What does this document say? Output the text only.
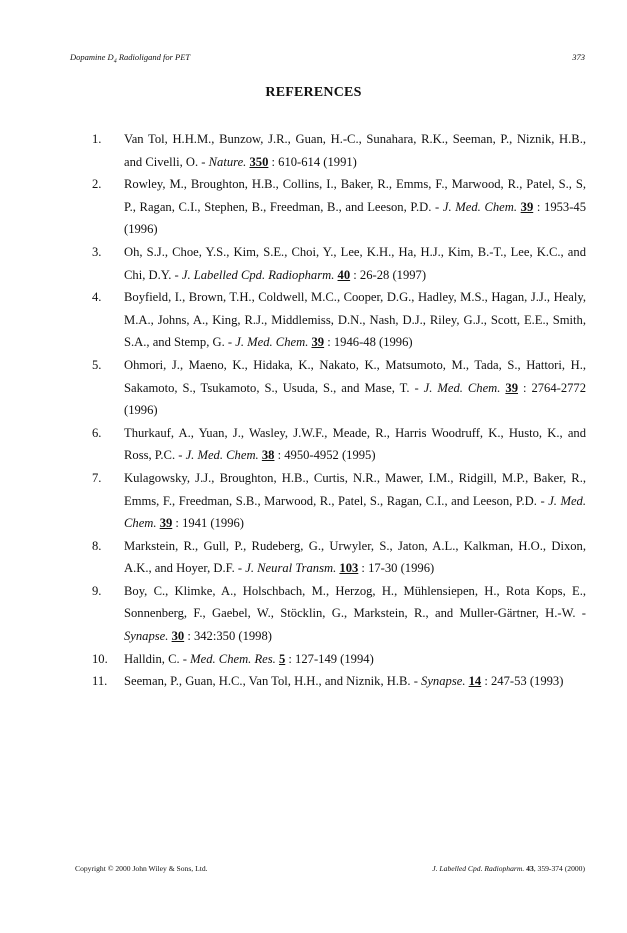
Dopamine $D_4$ Radioligand for PET	373
REFERENCES
1.	Van Tol, H.H.M., Bunzow, J.R., Guan, H.-C., Sunahara, R.K., Seeman, P., Niznik, H.B., and Civelli, O. - Nature. 350 : 610-614 (1991)
2.	Rowley, M., Broughton, H.B., Collins, I., Baker, R., Emms, F., Marwood, R., Patel, S., S, P., Ragan, C.I., Stephen, B., Freedman, B., and Leeson, P.D. - J. Med. Chem. 39 : 1953-45 (1996)
3.	Oh, S.J., Choe, Y.S., Kim, S.E., Choi, Y., Lee, K.H., Ha, H.J., Kim, B.-T., Lee, K.C., and Chi, D.Y. - J. Labelled Cpd. Radiopharm. 40 : 26-28 (1997)
4.	Boyfield, I., Brown, T.H., Coldwell, M.C., Cooper, D.G., Hadley, M.S., Hagan, J.J., Healy, M.A., Johns, A., King, R.J., Middlemiss, D.N., Nash, D.J., Riley, G.J., Scott, E.E., Smith, S.A., and Stemp, G. - J. Med. Chem. 39 : 1946-48 (1996)
5.	Ohmori, J., Maeno, K., Hidaka, K., Nakato, K., Matsumoto, M., Tada, S., Hattori, H., Sakamoto, S., Tsukamoto, S., Usuda, S., and Mase, T. - J. Med. Chem. 39 : 2764-2772 (1996)
6.	Thurkauf, A., Yuan, J., Wasley, J.W.F., Meade, R., Harris Woodruff, K., Husto, K., and Ross, P.C. - J. Med. Chem. 38 : 4950-4952 (1995)
7.	Kulagowsky, J.J., Broughton, H.B., Curtis, N.R., Mawer, I.M., Ridgill, M.P., Baker, R., Emms, F., Freedman, S.B., Marwood, R., Patel, S., Ragan, C.I., and Leeson, P.D. - J. Med. Chem. 39 : 1941 (1996)
8.	Markstein, R., Gull, P., Rudeberg, G., Urwyler, S., Jaton, A.L., Kalkman, H.O., Dixon, A.K., and Hoyer, D.F. - J. Neural Transm. 103 : 17-30 (1996)
9.	Boy, C., Klimke, A., Holschbach, M., Herzog, H., Mühlensiepen, H., Rota Kops, E., Sonnenberg, F., Gaebel, W., Stöcklin, G., Markstein, R., and Muller-Gärtner, H.-W. - Synapse. 30 : 342:350 (1998)
10.	Halldin, C. - Med. Chem. Res. 5 : 127-149 (1994)
11.	Seeman, P., Guan, H.C., Van Tol, H.H., and Niznik, H.B. - Synapse. 14 : 247-53 (1993)
Copyright © 2000 John Wiley & Sons, Ltd.	J. Labelled Cpd. Radiopharm. 43, 359-374 (2000)
